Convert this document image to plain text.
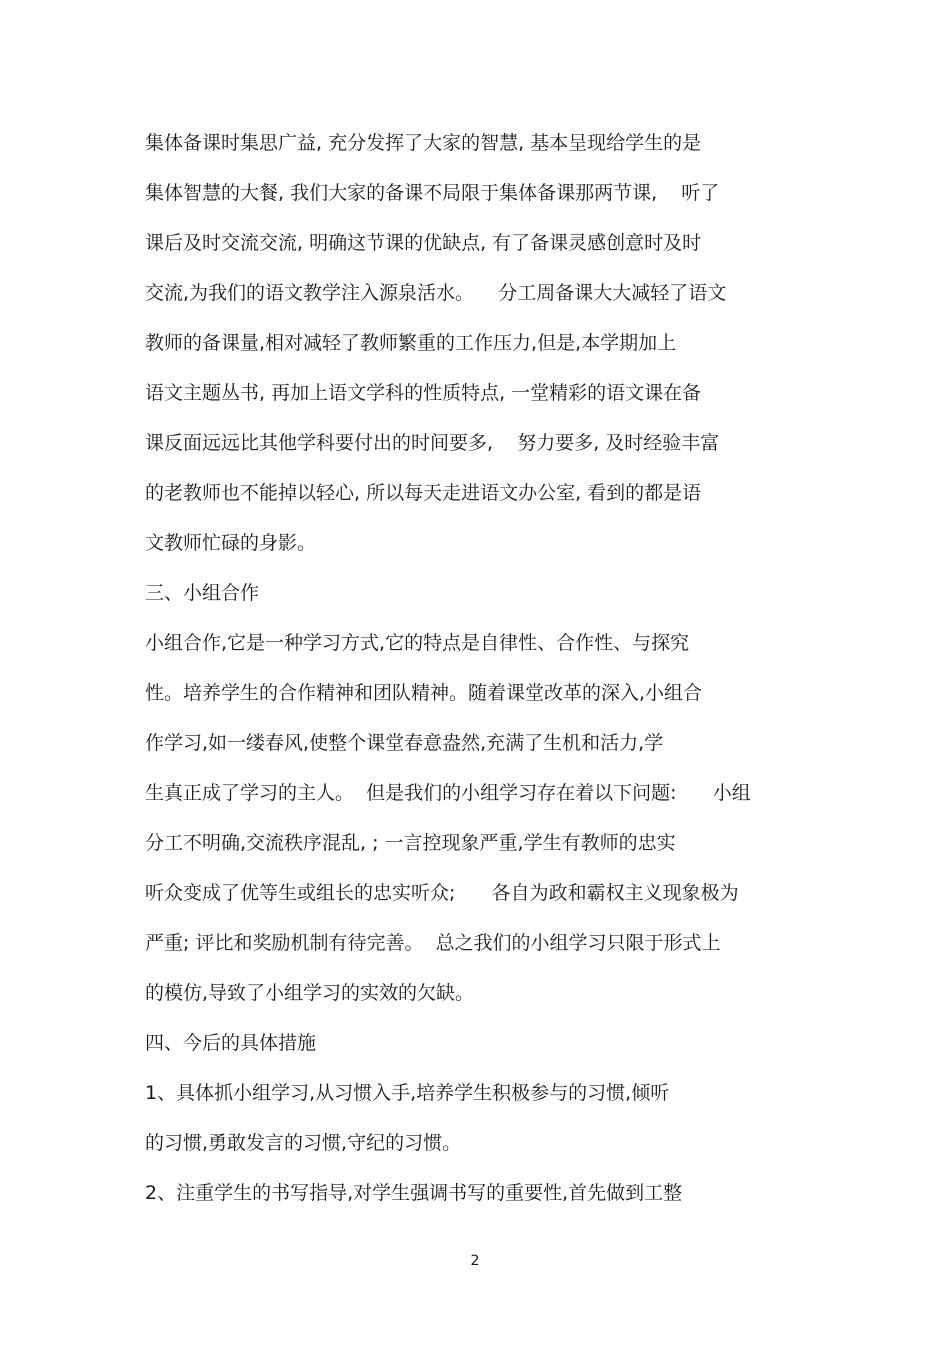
集体备课时集思广益, 充分发挥了大家的智慧, 基本呈现给学生的是
集体智慧的大餐, 我们大家的备课不局限于集体备课那两节课,    听了
课后及时交流交流, 明确这节课的优缺点, 有了备课灵感创意时及时
交流,为我们的语文教学注入源泉活水。    分工周备课大大减轻了语文
教师的备课量,相对减轻了教师繁重的工作压力,但是,本学期加上
语文主题丛书, 再加上语文学科的性质特点, 一堂精彩的语文课在备
课反面远远比其他学科要付出的时间要多,    努力要多, 及时经验丰富
的老教师也不能掉以轻心, 所以每天走进语文办公室, 看到的都是语
文教师忙碌的身影。
三、小组合作
小组合作,它是一种学习方式,它的特点是自律性、合作性、与探究
性。培养学生的合作精神和团队精神。随着课堂改革的深入,小组合
作学习,如一缕春风,使整个课堂春意盎然,充满了生机和活力,学
生真正成了学习的主人。  但是我们的小组学习存在着以下问题:      小组
分工不明确,交流秩序混乱, ; 一言控现象严重,学生有教师的忠实
听众变成了优等生或组长的忠实听众;      各自为政和霸权主义现象极为
严重; 评比和奖励机制有待完善。  总之我们的小组学习只限于形式上
的模仿,导致了小组学习的实效的欠缺。
四、今后的具体措施
1、具体抓小组学习,从习惯入手,培养学生积极参与的习惯,倾听
的习惯,勇敢发言的习惯,守纪的习惯。
2、注重学生的书写指导,对学生强调书写的重要性,首先做到工整
2
